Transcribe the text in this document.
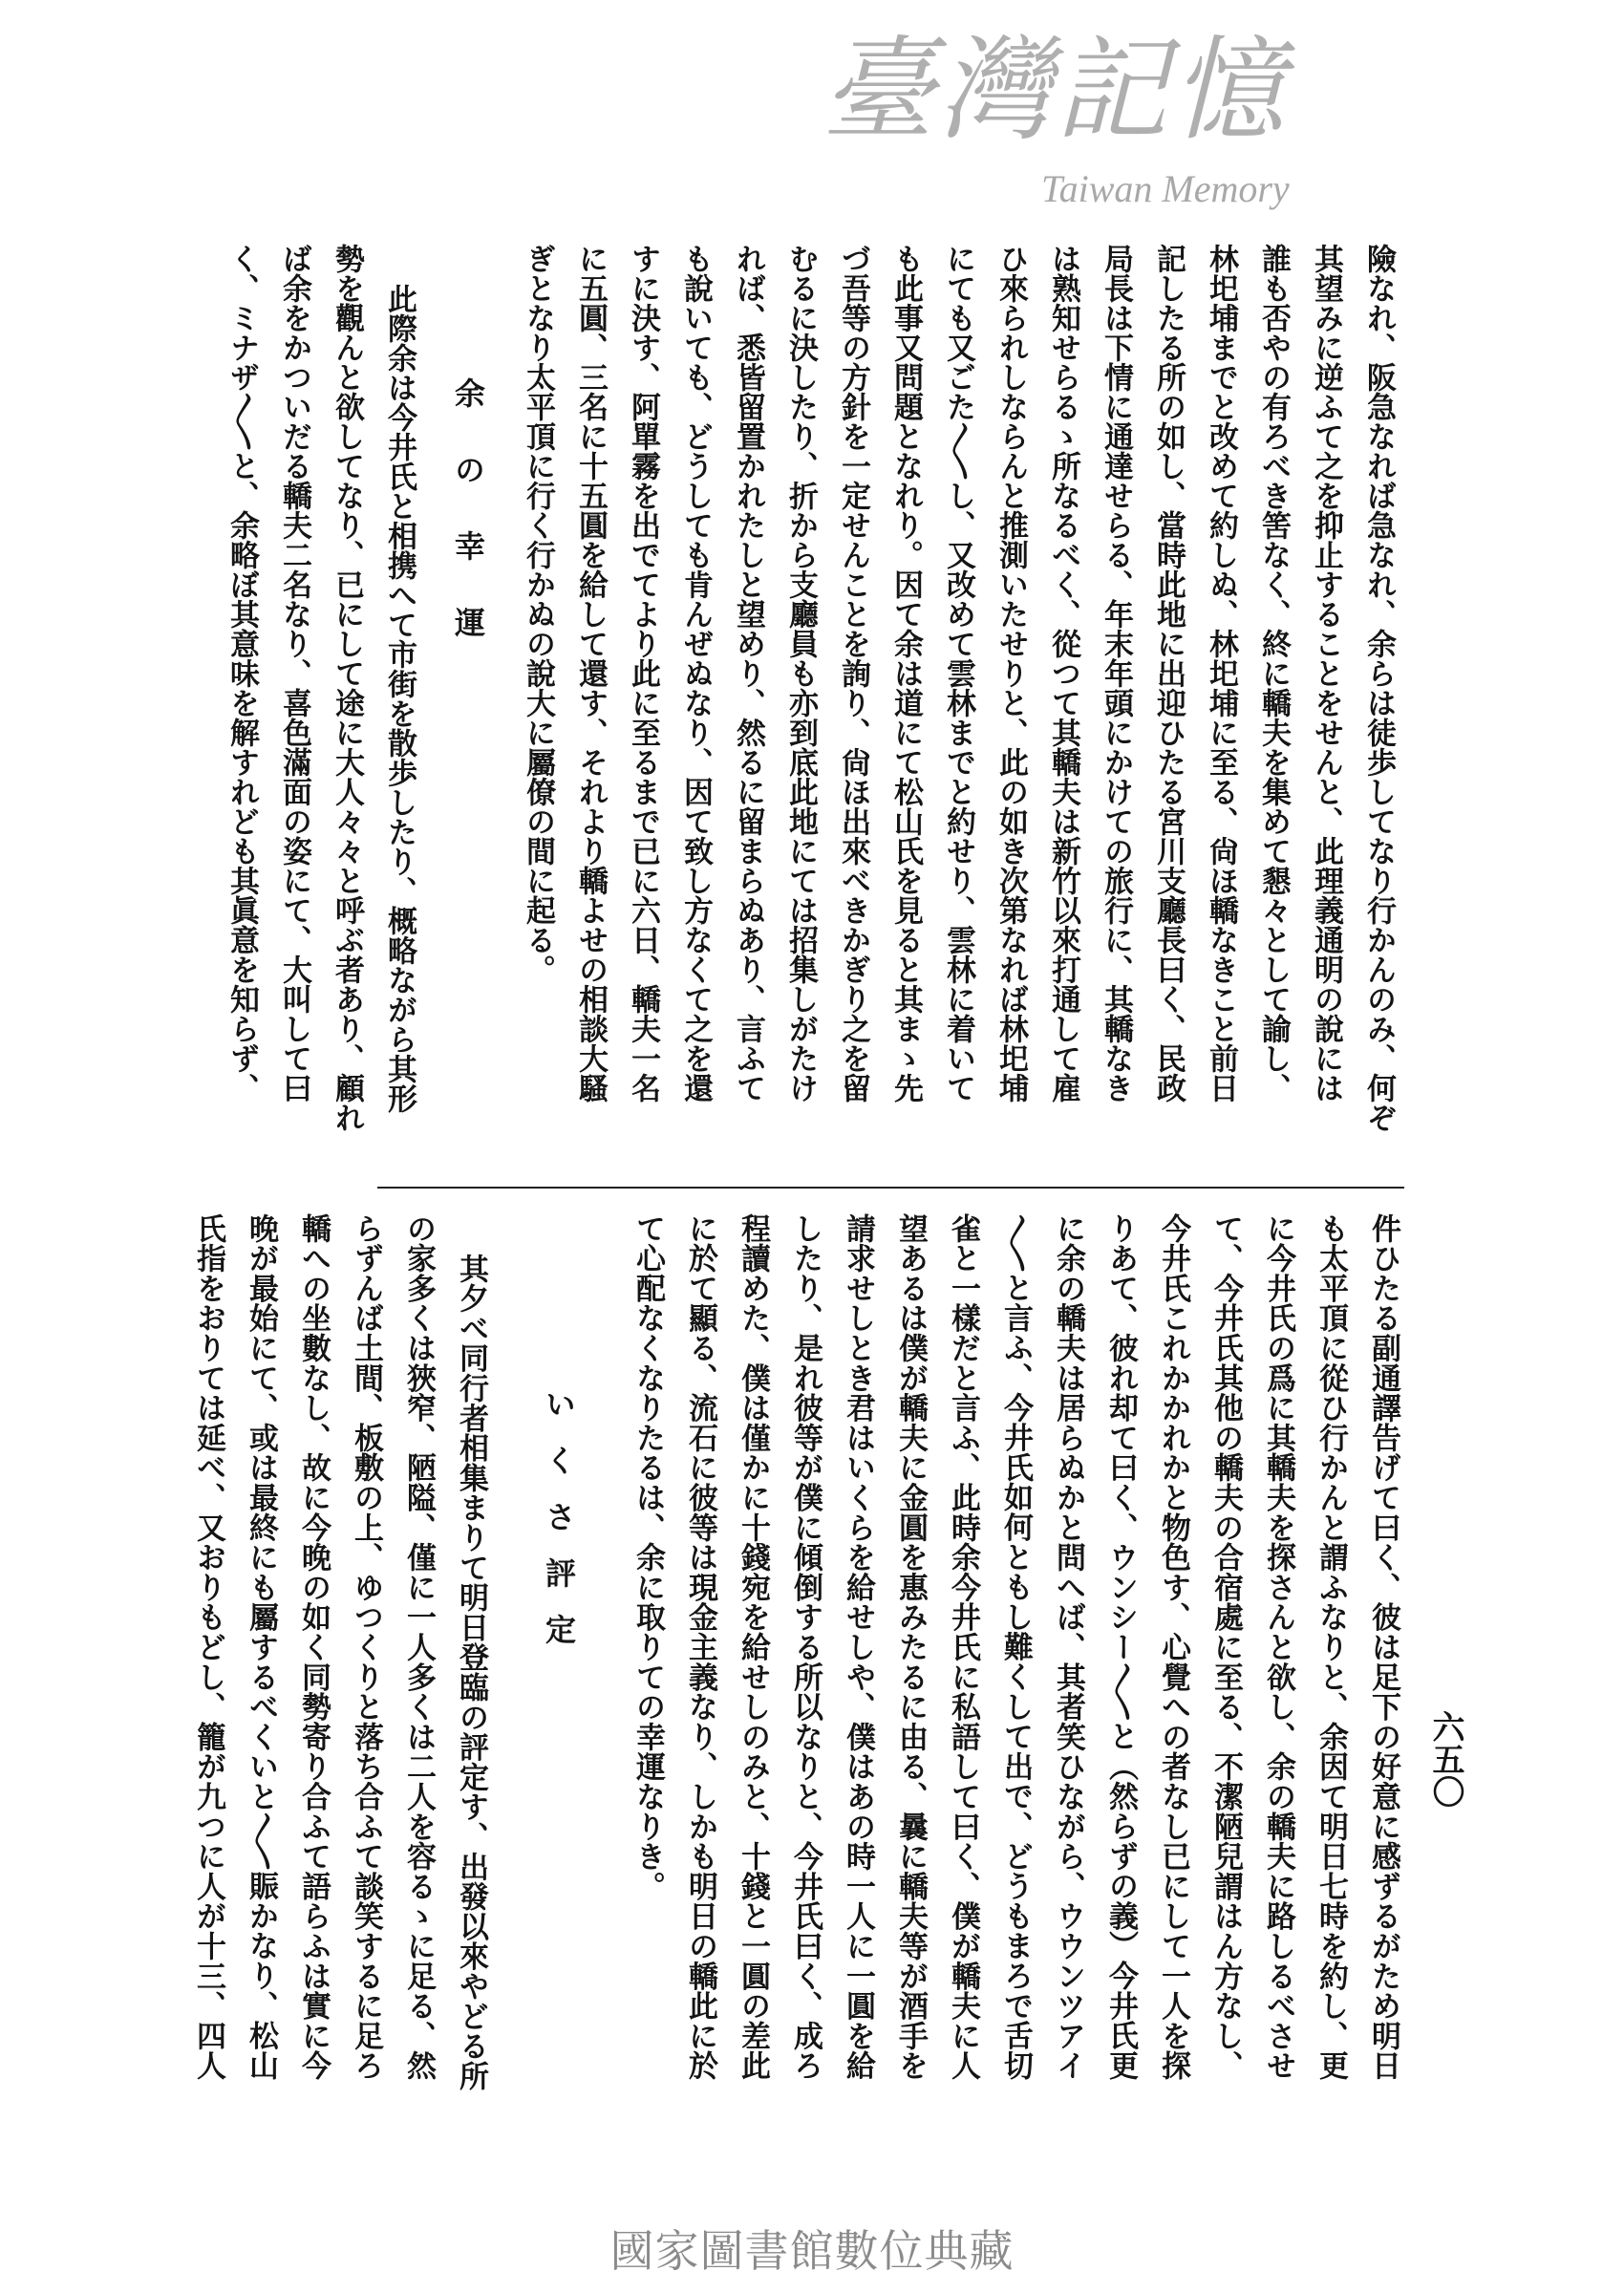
險なれ、阪急なれば急なれ、余らは徒歩してなり行かんのみ、何ぞ
其望みに逆ふて之を抑止することをせんと、此理義通明の說には
誰も否やの有ろべき筈なく、終に轎夫を集めて懇々として諭し、
林圯埔までと改めて約しぬ、林圯埔に至る、尙ほ轎なきこと前日
記したる所の如し、當時此地に出迎ひたる宮川支廳長曰く、民政
局長は下情に通達せらる、年末年頭にかけての旅行に、其轎なき
は熟知せらるゝ所なるべく、從つて其轎夫は新竹以來打通して雇
ひ來られしならんと推測いたせりと、此の如き次第なれば林圯埔
にても又ごた〳〵し、又改めて雲林までと約せり、雲林に着いて
も此事又問題となれり。因て余は道にて松山氏を見ると其まゝ先
づ吾等の方針を一定せんことを詢り、尙ほ出來べきかぎり之を留
むるに決したり、折から支廳員も亦到底此地にては招集しがたけ
れば、悉皆留置かれたしと望めり、然るに留まらぬあり、言ふて
も說いても、どうしても肯んぜぬなり、因て致し方なくて之を還
すに決す、阿單霧を出でてより此に至るまで已に六日、轎夫一名
に五圓、三名に十五圓を給して還す、それより轎よせの相談大騷
ぎとなり太平頂に行く行かぬの說大に屬僚の間に起る。
余の幸運
此際余は今井氏と相携へて市街を散歩したり、概略ながら其形
勢を觀んと欲してなり、已にして途に大人々々と呼ぶ者あり、顧れ
ば余をかついだる轎夫二名なり、喜色滿面の姿にて、大叫して曰
く、ミナザ〳〵と、余略ぼ其意味を解すれども其眞意を知らず、
件ひたる副通譯告げて曰く、彼は足下の好意に感ずるがため明日
も太平頂に從ひ行かんと謂ふなりと、余因て明日七時を約し、更
に今井氏の爲に其轎夫を探さんと欲し、余の轎夫に路しるべさせ
て、今井氏其他の轎夫の合宿處に至る、不潔陋兒謂はん方なし、
今井氏これかかれかと物色す、心覺への者なし已にして一人を探
りあて、彼れ却て曰く、ウンシー〳〵と（然らずの義）今井氏更
に余の轎夫は居らぬかと問へば、其者笑ひながら、ウウンツアイ
〳〵と言ふ、今井氏如何ともし難くして出で、どうもまろで舌切
雀と一樣だと言ふ、此時余今井氏に私語して曰く、僕が轎夫に人
望あるは僕が轎夫に金圓を惠みたるに由る、曩に轎夫等が酒手を
請求せしとき君はいくらを給せしや、僕はあの時一人に一圓を給
したり、是れ彼等が僕に傾倒する所以なりと、今井氏曰く、成ろ
程讀めた、僕は僅かに十錢宛を給せしのみと、十錢と一圓の差此
に於て顯る、流石に彼等は現金主義なり、しかも明日の轎此に於
て心配なくなりたるは、余に取りての幸運なりき。
いくさ評定
其夕べ同行者相集まりて明日登臨の評定す、出發以來やどる所
の家多くは狹窄、陋隘、僅に一人多くは二人を容るゝに足る、然
らずんば土間、板敷の上、ゆつくりと落ち合ふて談笑するに足ろ
轎への坐數なし、故に今晚の如く同勢寄り合ふて語らふは實に今
晚が最始にて、或は最終にも屬するべくいと〳〵賑かなり、松山
氏指をおりては延べ、又おりもどし、籠が九つに人が十三、四人	六五〇
臺灣記憶
Taiwan Memory
國家圖書館數位典藏
